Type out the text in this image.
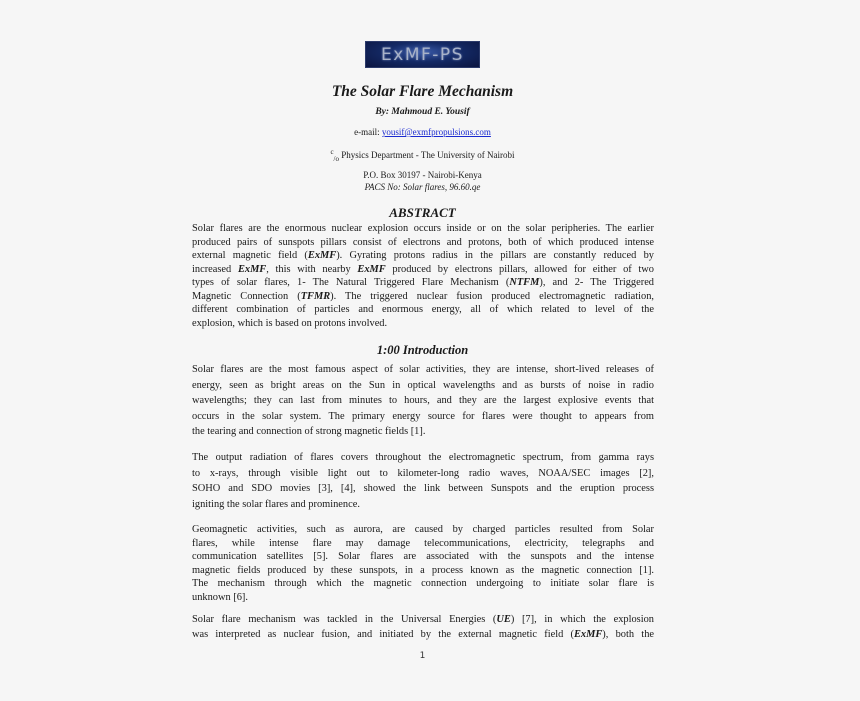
ExMF-PS
The Solar Flare Mechanism
By: Mahmoud E. Yousif
e-mail: yousif@exmfpropulsions.com
$^c_{/o}$ Physics Department - The University of Nairobi
P.O. Box 30197 - Nairobi-Kenya
PACS No: Solar flares, 96.60.qe
ABSTRACT
Solar flares are the enormous nuclear explosion occurs inside or on the solar peripheries. The earlier
produced pairs of sunspots pillars consist of electrons and protons, both of which produced intense
external magnetic field (ExMF). Gyrating protons radius in the pillars are constantly reduced by
increased ExMF, this with nearby ExMF produced by electrons pillars, allowed for either of two
types of solar flares, 1- The Natural Triggered Flare Mechanism (NTFM), and 2- The Triggered
Magnetic Connection (TFMR). The triggered nuclear fusion produced electromagnetic radiation,
different combination of particles and enormous energy, all of which related to level of the
explosion, which is based on protons involved.
1:00 Introduction
Solar flares are the most famous aspect of solar activities, they are intense, short-lived releases of
energy, seen as bright areas on the Sun in optical wavelengths and as bursts of noise in radio
wavelengths; they can last from minutes to hours, and they are the largest explosive events that
occurs in the solar system. The primary energy source for flares were thought to appears from
the tearing and connection of strong magnetic fields [1].
The output radiation of flares covers throughout the electromagnetic spectrum, from gamma rays
to x-rays, through visible light out to kilometer-long radio waves, NOAA/SEC images [2],
SOHO and SDO movies [3], [4], showed the link between Sunspots and the eruption process
igniting the solar flares and prominence.
Geomagnetic activities, such as aurora, are caused by charged particles resulted from Solar
flares, while intense flare may damage telecommunications, electricity, telegraphs and
communication satellites [5]. Solar flares are associated with the sunspots and the intense
magnetic fields produced by these sunspots, in a process known as the magnetic connection [1].
The mechanism through which the magnetic connection undergoing to initiate solar flare is
unknown [6].
Solar flare mechanism was tackled in the Universal Energies (UE) [7], in which the explosion
was interpreted as nuclear fusion, and initiated by the external magnetic field (ExMF), both the
1
